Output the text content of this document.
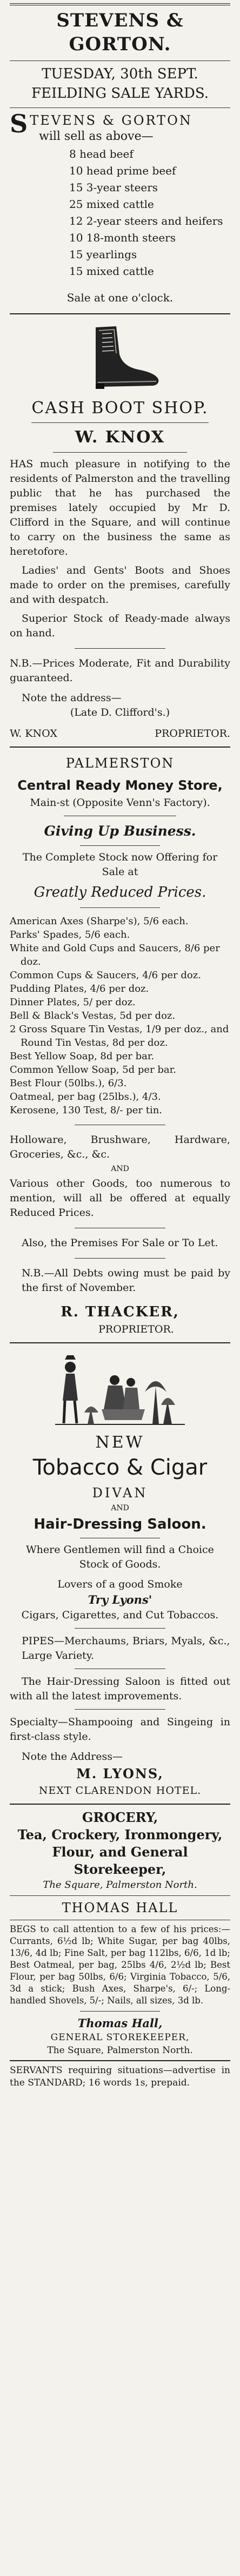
STEVENS & GORTON.
TUESDAY, 30th SEPT.
FEILDING SALE YARDS.
S TEVENS & GORTON
will sell as above—
8 head beef
10 head prime beef
15 3-year steers
25 mixed cattle
12 2-year steers and heifers
10 18-month steers
15 yearlings
15 mixed cattle
Sale at one o'clock.
CASH BOOT SHOP.
W. KNOX
HAS much pleasure in notifying to the residents of Palmerston and the travelling public that he has purchased the premises lately occupied by Mr D. Clifford in the Square, and will continue to carry on the business the same as heretofore.
Ladies' and Gents' Boots and Shoes made to order on the premises, carefully and with despatch.
Superior Stock of Ready-made always on hand.
N.B.—Prices Moderate, Fit and Durability guaranteed.
Note the address—
(Late D. Clifford's.)
W. KNOX	PROPRIETOR.
PALMERSTON
Central Ready Money Store,
Main-st (Opposite Venn's Factory).
Giving Up Business.
The Complete Stock now Offering for Sale at
Greatly Reduced Prices.
American Axes (Sharpe's), 5/6 each.
Parks' Spades, 5/6 each.
White and Gold Cups and Saucers, 8/6 per doz.
Common Cups & Saucers, 4/6 per doz.
Pudding Plates, 4/6 per doz.
Dinner Plates, 5/ per doz.
Bell & Black's Vestas, 5d per doz.
2 Gross Square Tin Vestas, 1/9 per doz., and Round Tin Vestas, 8d per doz.
Best Yellow Soap, 8d per bar.
Common Yellow Soap, 5d per bar.
Best Flour (50lbs.), 6/3.
Oatmeal, per bag (25lbs.), 4/3.
Kerosene, 130 Test, 8/- per tin.
Holloware, Brushware, Hardware, Groceries, &c., &c.
AND
Various other Goods, too numerous to mention, will all be offered at equally Reduced Prices.
Also, the Premises For Sale or To Let.
N.B.—All Debts owing must be paid by the first of November.
R. THACKER,
PROPRIETOR.
NEW
Tobacco & Cigar
DIVAN
AND
Hair-Dressing Saloon.
Where Gentlemen will find a Choice Stock of Goods.
Lovers of a good Smoke
Try Lyons'
Cigars, Cigarettes, and Cut Tobaccos.
PIPES—Merchaums, Briars, Myals, &c., Large Variety.
The Hair-Dressing Saloon is fitted out with all the latest improvements.
Specialty—Shampooing and Singeing in first-class style.
Note the Address—
M. LYONS,
NEXT CLARENDON HOTEL.
GROCERY,
Tea, Crockery, Ironmongery,
Flour, and General
Storekeeper,
The Square, Palmerston North.
THOMAS HALL
BEGS to call attention to a few of his prices:—Currants, 6½d lb; White Sugar, per bag 40lbs, 13/6, 4d lb; Fine Salt, per bag 112lbs, 6/6, 1d lb; Best Oatmeal, per bag, 25lbs 4/6, 2½d lb; Best Flour, per bag 50lbs, 6/6; Virginia Tobacco, 5/6, 3d a stick; Bush Axes, Sharpe's, 6/-; Long-handled Shovels, 5/-; Nails, all sizes, 3d lb.
Thomas Hall,
GENERAL STOREKEEPER,
The Square, Palmerston North.
SERVANTS requiring situations—advertise in the STANDARD; 16 words 1s, prepaid.
